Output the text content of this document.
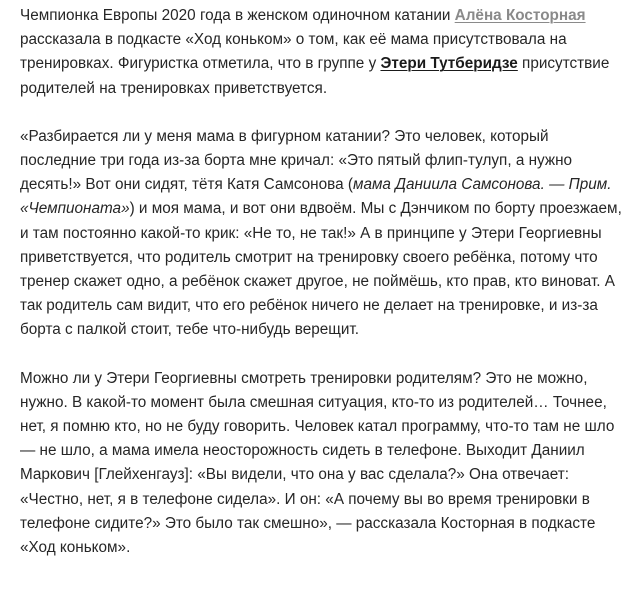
Чемпионка Европы 2020 года в женском одиночном катании Алёна Косторная рассказала в подкасте «Ход коньком» о том, как её мама присутствовала на тренировках. Фигуристка отметила, что в группе у Этери Тутберидзе присутствие родителей на тренировках приветствуется.

«Разбирается ли у меня мама в фигурном катании? Это человек, который последние три года из-за борта мне кричал: «Это пятый флип-тулуп, а нужно десять!» Вот они сидят, тётя Катя Самсонова (мама Даниила Самсонова. — Прим. «Чемпионата») и моя мама, и вот они вдвоём. Мы с Дэнчиком по борту проезжаем, и там постоянно какой-то крик: «Не то, не так!» А в принципе у Этери Георгиевны приветствуется, что родитель смотрит на тренировку своего ребёнка, потому что тренер скажет одно, а ребёнок скажет другое, не поймёшь, кто прав, кто виноват. А так родитель сам видит, что его ребёнок ничего не делает на тренировке, и из-за борта с палкой стоит, тебе что-нибудь верещит.

Можно ли у Этери Георгиевны смотреть тренировки родителям? Это не можно, нужно. В какой-то момент была смешная ситуация, кто-то из родителей… Точнее, нет, я помню кто, но не буду говорить. Человек катал программу, что-то там не шло — не шло, а мама имела неосторожность сидеть в телефоне. Выходит Даниил Маркович [Глейхенгауз]: «Вы видели, что она у вас сделала?» Она отвечает: «Честно, нет, я в телефоне сидела». И он: «А почему вы во время тренировки в телефоне сидите?» Это было так смешно», — рассказала Косторная в подкасте «Ход коньком».
